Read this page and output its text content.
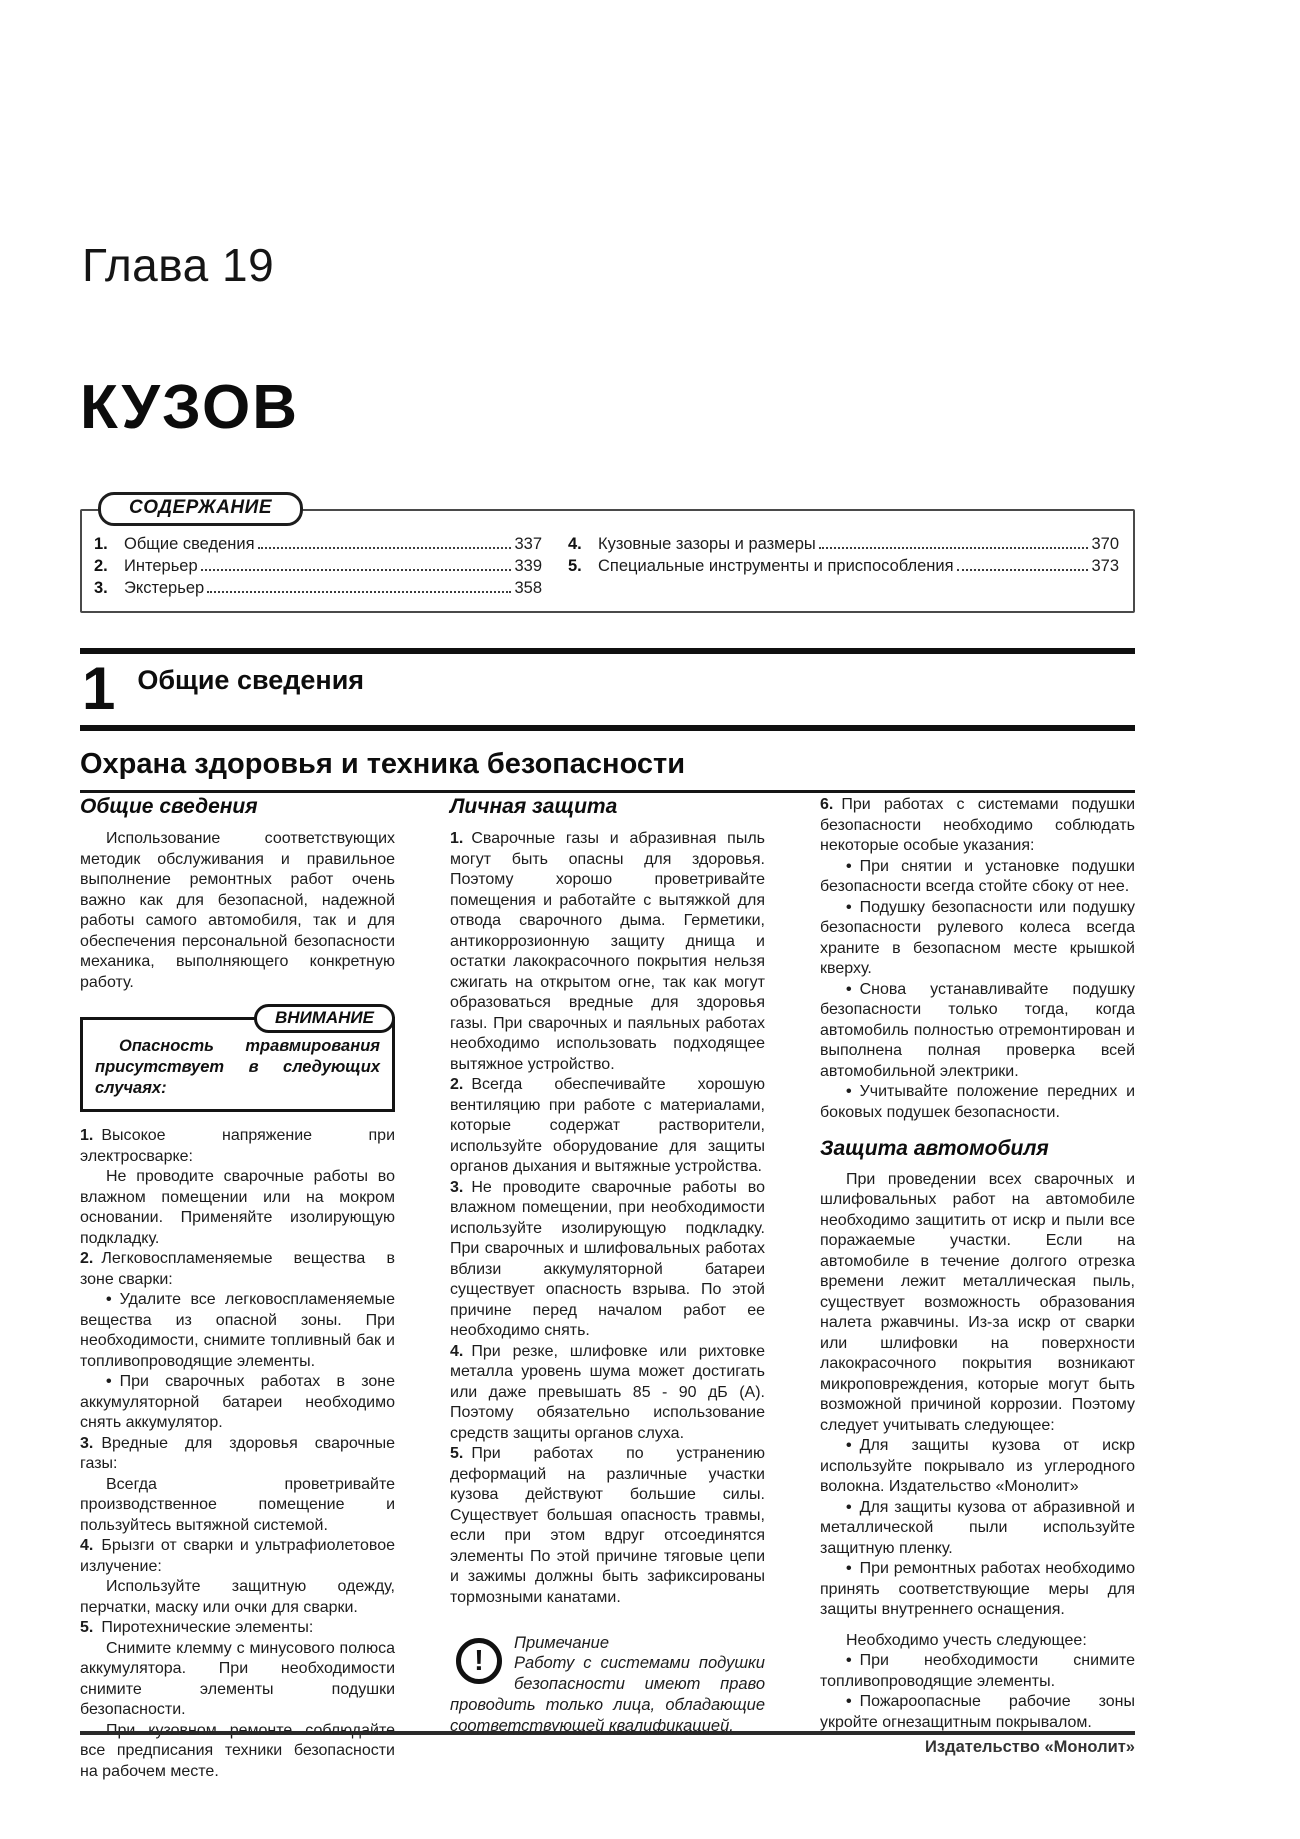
Глава 19
КУЗОВ
СОДЕРЖАНИЕ
1. Общие сведения	337
2. Интерьер	339
3. Экстерьер	358
4. Кузовные зазоры и размеры	370
5. Специальные инструменты и приспособления	373
1 Общие сведения
Охрана здоровья и техника безопасности
Общие сведения

Использование соответствующих методик обслуживания и правильное выполнение ремонтных работ очень важно как для безопасной, надежной работы самого автомобиля, так и для обеспечения персональной безопасности механика, выполняющего конкретную работу.

ВНИМАНИЕ

Опасность травмирования присутствует в следующих случаях:

1. Высокое напряжение при электросварке:

Не проводите сварочные работы во влажном помещении или на мокром основании. Применяйте изолирующую подкладку.

2. Легковоспламеняемые вещества в зоне сварки:

• Удалите все легковоспламеняемые вещества из опасной зоны. При необходимости, снимите топливный бак и топливопроводящие элементы.

• При сварочных работах в зоне аккумуляторной батареи необходимо снять аккумулятор.

3. Вредные для здоровья сварочные газы:

Всегда проветривайте производственное помещение и пользуйтесь вытяжной системой.

4. Брызги от сварки и ультрафиолетовое излучение:

Используйте защитную одежду, перчатки, маску или очки для сварки.

5. Пиротехнические элементы:

Снимите клемму с минусового полюса аккумулятора. При необходимости снимите элементы подушки безопасности.

При кузовном ремонте соблюдайте все предписания техники безопасности на рабочем месте.

Личная защита

1. Сварочные газы и абразивная пыль могут быть опасны для здоровья. Поэтому хорошо проветривайте помещения и работайте с вытяжкой для отвода сварочного дыма. Герметики, антикоррозионную защиту днища и остатки лакокрасочного покрытия нельзя сжигать на открытом огне, так как могут образоваться вредные для здоровья газы. При сварочных и паяльных работах необходимо использовать подходящее вытяжное устройство.

2. Всегда обеспечивайте хорошую вентиляцию при работе с материалами, которые содержат растворители, используйте оборудование для защиты органов дыхания и вытяжные устройства.

3. Не проводите сварочные работы во влажном помещении, при необходимости используйте изолирующую подкладку. При сварочных и шлифовальных работах вблизи аккумуляторной батареи существует опасность взрыва. По этой причине перед началом работ ее необходимо снять.

4. При резке, шлифовке или рихтовке металла уровень шума может достигать или даже превышать 85 - 90 дБ (А). Поэтому обязательно использование средств защиты органов слуха.

5. При работах по устранению деформаций на различные участки кузова действуют большие силы. Существует большая опасность травмы, если при этом вдруг отсоединятся элементы По этой причине тяговые цепи и зажимы должны быть зафиксированы тормозными канатами.

!

Примечание

Работу с системами подушки безопасности имеют право проводить только лица, обладающие соответствующей квалификацией.

6. При работах с системами подушки безопасности необходимо соблюдать некоторые особые указания:

• При снятии и установке подушки безопасности всегда стойте сбоку от нее.

• Подушку безопасности или подушку безопасности рулевого колеса всегда храните в безопасном месте крышкой кверху.

• Снова устанавливайте подушку безопасности только тогда, когда автомобиль полностью отремонтирован и выполнена полная проверка всей автомобильной электрики.

• Учитывайте положение передних и боковых подушек безопасности.

Защита автомобиля

При проведении всех сварочных и шлифовальных работ на автомобиле необходимо защитить от искр и пыли все поражаемые участки. Если на автомобиле в течение долгого отрезка времени лежит металлическая пыль, существует возможность образования налета ржавчины. Из-за искр от сварки или шлифовки на поверхности лакокрасочного покрытия возникают микроповреждения, которые могут быть возможной причиной коррозии. Поэтому следует учитывать следующее:

• Для защиты кузова от искр используйте покрывало из углеродного волокна. Издательство «Монолит»

• Для защиты кузова от абразивной и металлической пыли используйте защитную пленку.

• При ремонтных работах необходимо принять соответствующие меры для защиты внутреннего оснащения.

Необходимо учесть следующее:

• При необходимости снимите топливопроводящие элементы.

• Пожароопасные рабочие зоны укройте огнезащитным покрывалом.

Издательство «Монолит»
